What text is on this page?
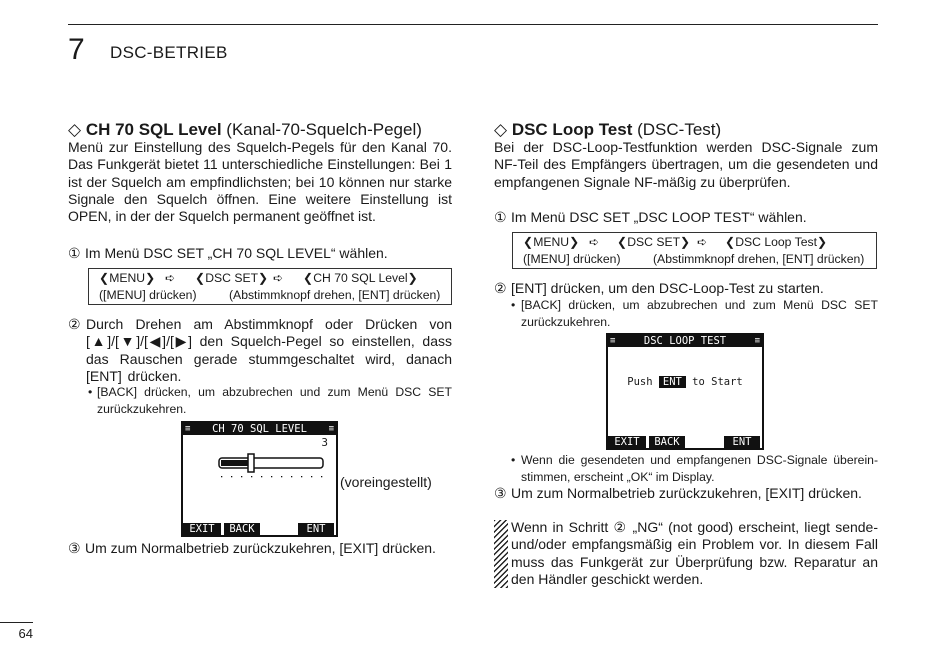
7 DSC-BETRIEB
◇ CH 70 SQL Level (Kanal-70-Squelch-Pegel)

Menü zur Einstellung des Squelch-Pegels für den Kanal 70. Das Funkgerät bietet 11 unterschiedliche Einstellungen: Bei 1 ist der Squelch am empfindlichsten; bei 10 können nur starke Signale den Squelch öffnen. Eine weitere Einstellung ist OPEN, in der der Squelch permanent geöffnet ist.

① Im Menü DSC SET „CH 70 SQL LEVEL“ wählen.
❮MENU❯ ➪	❮DSC SET❯ ➪	❮CH 70 SQL Level❯
([MENU] drücken)	(Abstimmknopf drehen, [ENT] drücken)
② Durch Drehen am Abstimmknopf oder Drücken von [▲]/[▼]/[◀]/[▶] den Squelch-Pegel so einstellen, dass das Rauschen gerade stummgeschaltet wird, danach [ENT] drücken.
• [BACK] drücken, um abzubrechen und zum Menü DSC SET zurückzukehren.
≡ CH 70 SQL LEVEL ≡
3
EXIT	BACK	ENT
(voreingestellt)
③ Um zum Normalbetrieb zurückzukehren, [EXIT] drücken.
◇ DSC Loop Test (DSC-Test)

Bei der DSC-Loop-Testfunktion werden DSC-Signale zum NF-Teil des Empfängers übertragen, um die gesendeten und empfangenen Signale NF-mäßig zu überprüfen.

① Im Menü DSC SET „DSC LOOP TEST“ wählen.
❮MENU❯ ➪	❮DSC SET❯ ➪	❮DSC Loop Test❯
([MENU] drücken)	(Abstimmknopf drehen, [ENT] drücken)
② [ENT] drücken, um den DSC-Loop-Test zu starten.
• [BACK] drücken, um abzubrechen und zum Menü DSC SET zurückzukehren.
≡	DSC LOOP TEST	≡
Push ENT to Start
EXIT	BACK	ENT
• Wenn die gesendeten und empfangenen DSC-Signale übereinstimmen, erscheint „OK“ im Display.
③ Um zum Normalbetrieb zurückzukehren, [EXIT] drücken.

Wenn in Schritt ② „NG“ (not good) erscheint, liegt sende- und/oder empfangsmäßig ein Problem vor. In diesem Fall muss das Funkgerät zur Überprüfung bzw. Reparatur an den Händler geschickt werden.

64
